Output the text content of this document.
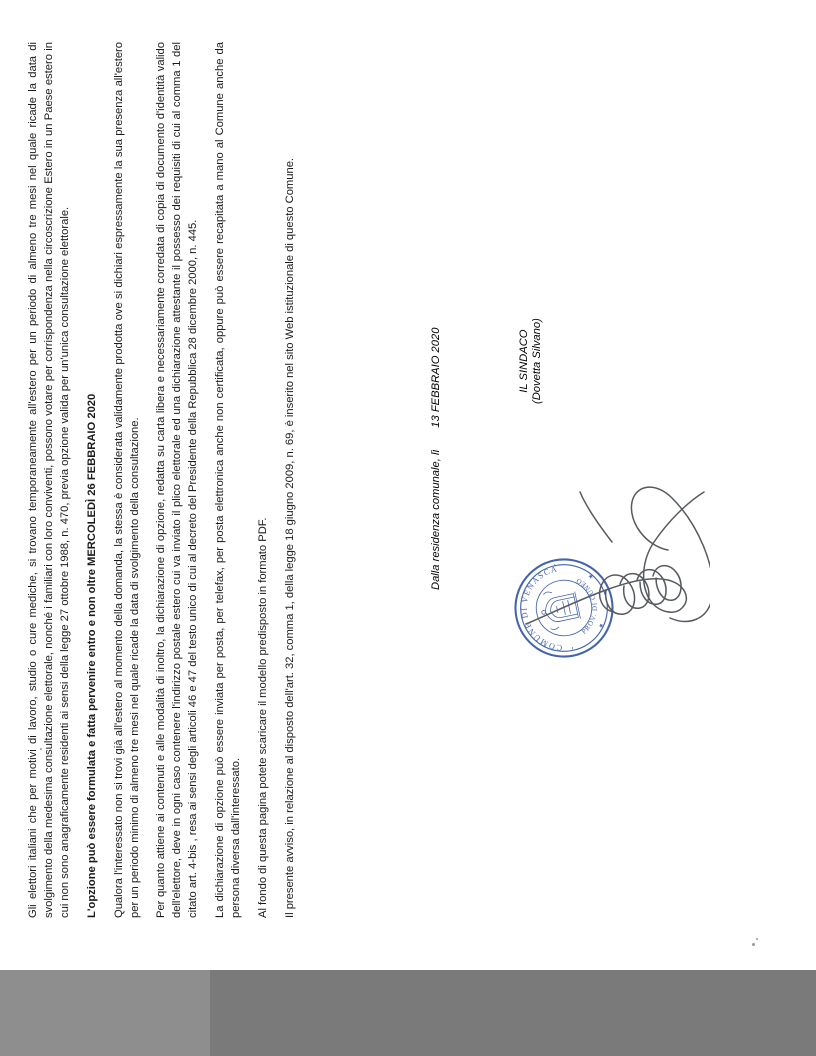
Gli elettori italiani che per motivi di lavoro, studio o cure mediche, si trovano temporaneamente all'estero per un periodo di almeno tre mesi nel quale ricade la data di svolgimento della medesima consultazione elettorale, nonché i familiari con loro conviventi, possono votare per corrispondenza nella circoscrizione Estero in un Paese estero in cui non sono anagraficamente residenti ai sensi della legge 27 ottobre 1988, n. 470, previa opzione valida per un'unica consultazione elettorale. L'opzione può essere formulata e fatta pervenire entro e non oltre MERCOLEDÌ 26 FEBBRAIO 2020 Qualora l'interessato non si trovi già all'estero al momento della domanda, la stessa è considerata validamente prodotta ove si dichiari espressamente la sua presenza all'estero per un periodo minimo di almeno tre mesi nel quale ricade la data di svolgimento della consultazione. Per quanto attiene ai contenuti e alle modalità di inoltro, la dichiarazione di opzione, redatta su carta libera e necessariamente corredata di copia di documento d'identità valido dell'elettore, deve in ogni caso contenere l'indirizzo postale estero cui va inviato il plico elettorale ed una dichiarazione attestante il possesso dei requisiti di cui al comma 1 del citato art. 4-bis , resa ai sensi degli articoli 46 e 47 del testo unico di cui al decreto del Presidente della Repubblica 28 dicembre 2000, n. 445. La dichiarazione di opzione può essere inviata per posta, per telefax, per posta elettronica anche non certificata, oppure può essere recapitata a mano al Comune anche da persona diversa dall'interessato. Al fondo di questa pagina potete scaricare il modello predisposto in formato PDF. Il presente avviso, in relazione al disposto dell'art. 32, comma 1, della legge 18 giugno 2009, n. 69, è inserito nel sito Web istituzionale di questo Comune.	Dalla residenza comunale, lì       13 FEBBRAIO 2020	IL SINDACO (Dovetta Silvano)
COMUNE DI VENASCA
PROV. DI CUNEO
★
★
